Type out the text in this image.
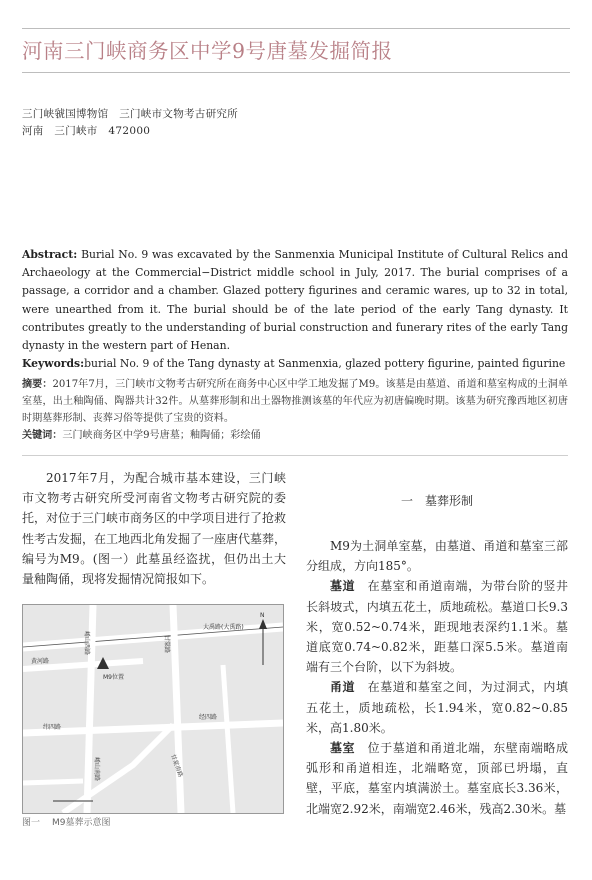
河南三门峡商务区中学9号唐墓发掘简报
三门峡虢国博物馆　三门峡市文物考古研究所
河南　三门峡市　472000
Abstract: Burial No. 9 was excavated by the Sanmenxia Municipal Institute of Cultural Relics and Archaeology at the Commercial−District middle school in July, 2017. The burial comprises of a passage, a corridor and a chamber. Glazed pottery figurines and ceramic wares, up to 32 in total, were unearthed from it. The burial should be of the late period of the early Tang dynasty. It contributes greatly to the understanding of burial construction and funerary rites of the early Tang dynasty in the western part of Henan.
Keywords:burial No. 9 of the Tang dynasty at Sanmenxia, glazed pottery figurine, painted figurine
摘要：2017年7月，三门峡市文物考古研究所在商务中心区中学工地发掘了M9。该墓是由墓道、甬道和墓室构成的土洞单室墓，出土釉陶俑、陶器共计32件。从墓葬形制和出土器物推测该墓的年代应为初唐偏晚时期。该墓为研究豫西地区初唐时期墓葬形制、丧葬习俗等提供了宝贵的资料。
关键词：三门峡商务区中学9号唐墓；釉陶俑；彩绘俑

2017年7月，为配合城市基本建设，三门峡市文物考古研究所受河南省文物考古研究院的委托，对位于三门峡市商务区的中学项目进行了抢救性考古发掘，在工地西北角发掘了一座唐代墓葬，编号为M9。(图一）此墓虽经盗扰，但仍出土大量釉陶俑，现将发掘情况简报如下。

一　墓葬形制

M9为土洞单室墓，由墓道、甬道和墓室三部分组成，方向185°。

墓道　 在墓室和甬道南端，为带台阶的竖井长斜坡式，内填五花土，质地疏松。墓道口长9.3米，宽0.52~0.74米，距现地表深约1.1米。墓道底宽0.74~0.82米，距墓口深5.5米。墓道南端有三个台阶，以下为斜坡。

甬道　 在墓道和墓室之间，为过洞式，内填五花土，质地疏松，长1.94米，宽0.82~0.85米，高1.80米。

墓室　 位于墓道和甬道北端，东壁南端略成弧形和甬道相连，北端略宽，顶部已坍塌，直壁，平底，墓室内填满淤土。墓室底长3.36米，北端宽2.92米，南端宽2.46米，残高2.30米。墓

大禹路(大禹路)
黄河路
崤山西路	甘棠路
M9位置
经四路
纬四路
崤山南路	甘棠南路
N
图一 M9墓葬示意图
